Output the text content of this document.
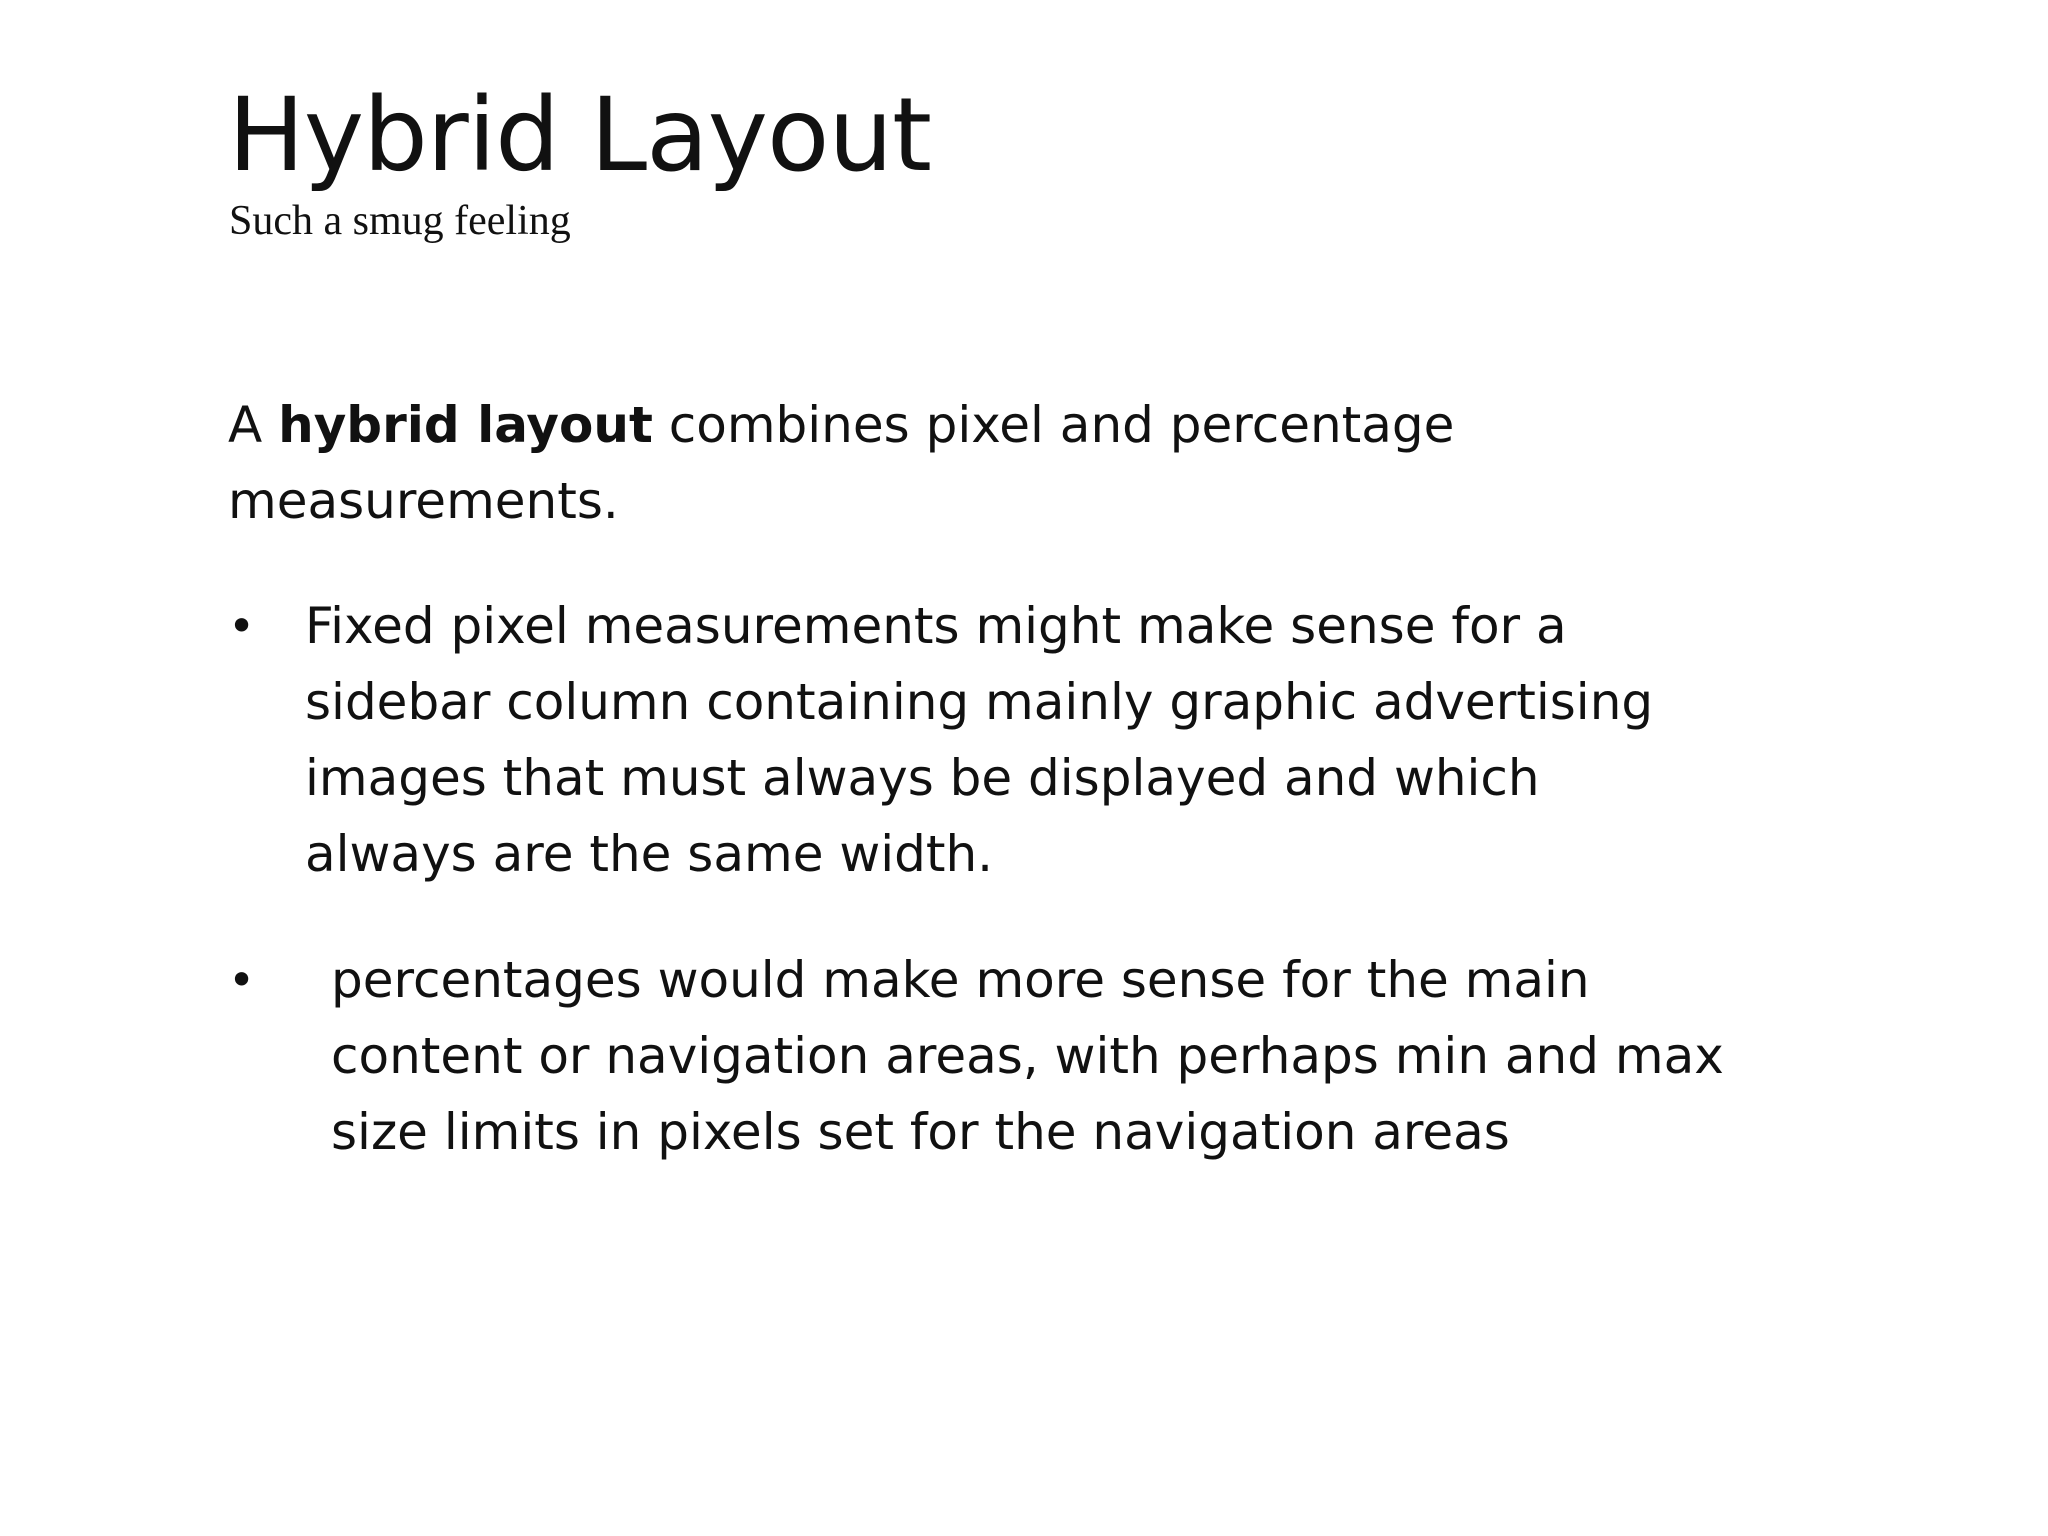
Hybrid Layout
Such a smug feeling

A hybrid layout combines pixel and percentage measurements.

• Fixed pixel measurements might make sense for a sidebar column containing mainly graphic advertising images that must always be displayed and which always are the same width.
• percentages would make more sense for the main content or navigation areas, with perhaps min and max size limits in pixels set for the navigation areas
